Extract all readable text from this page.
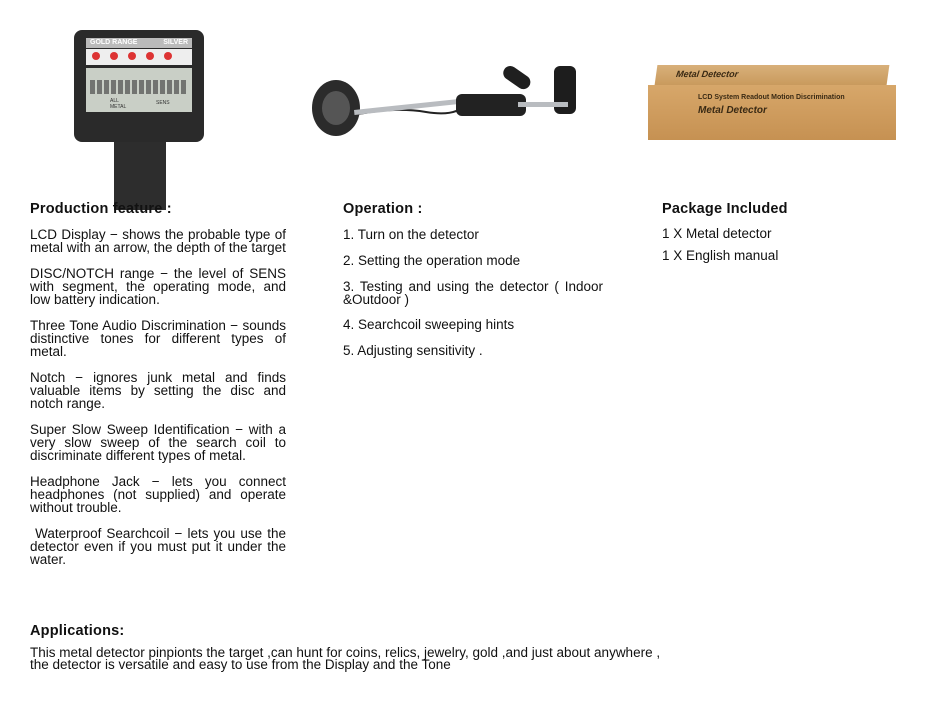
GOLD RANGE	SILVER
ALL METAL
SENS
Metal Detector
LCD System Readout Motion Discrimination
Metal Detector
Production feature :

LCD Display − shows the probable type of metal with an arrow, the depth of the target

DISC/NOTCH range − the level of SENS with segment, the operating mode, and low battery indication.

Three Tone Audio Discrimination − sounds distinctive tones for different types of metal.

Notch − ignores junk metal and finds valuable items by setting the disc and notch range.

Super Slow Sweep Identification − with a very slow sweep of the search coil to discriminate different types of metal.

Headphone Jack − lets you connect headphones (not supplied) and operate without trouble.

Waterproof Searchcoil − lets you use the detector even if you must put it under the water.

Operation :

1. Turn on the detector

2. Setting the operation mode

3. Testing and using the detector ( Indoor &Outdoor )

4. Searchcoil sweeping hints

5. Adjusting sensitivity .

Package Included

1 X Metal detector

1 X English manual

Applications:
This metal detector pinpionts the target ,can hunt for coins, relics, jewelry, gold ,and just about anywhere ,
the detector is versatile and easy to use from the Display and the Tone
